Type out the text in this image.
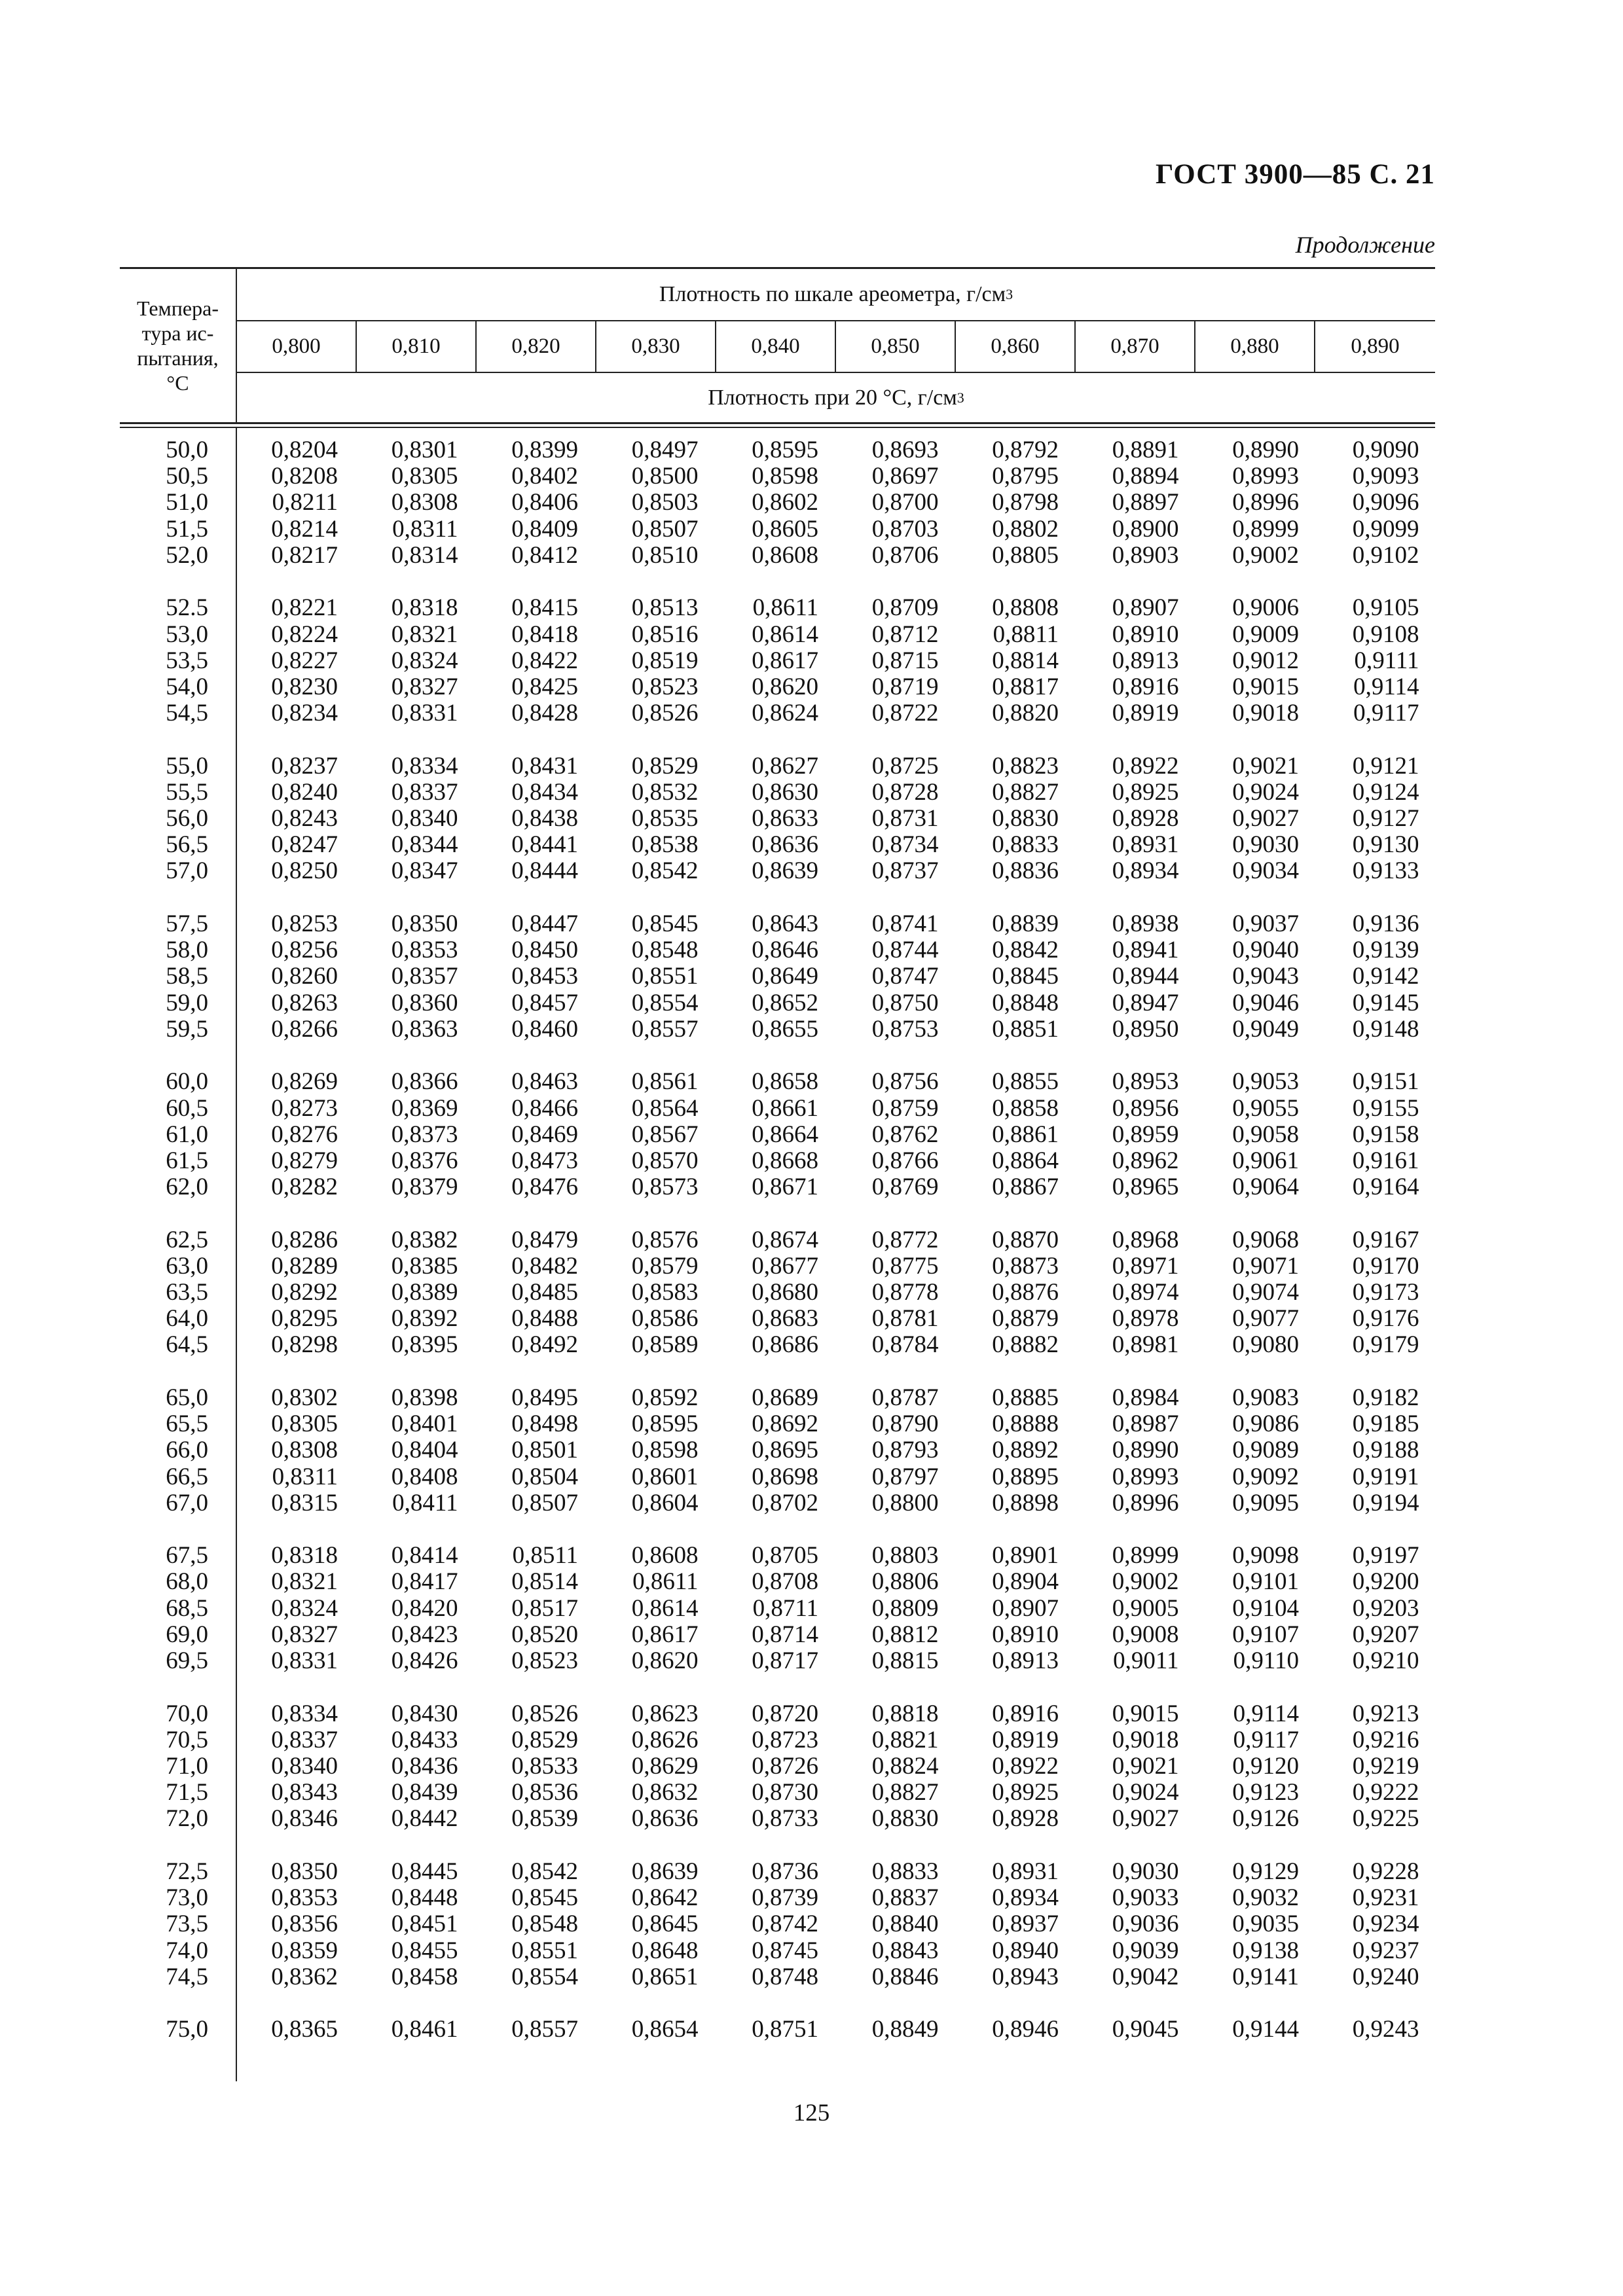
ГОСТ 3900—85 С. 21
Продолжение
Темпера-
тура ис-
пытания,
°С
Плотность по шкале ареометра, г/см 3
0,800	0,810	0,820	0,830	0,840	0,850	0,860	0,870	0,880	0,890
Плотность при 20 °С, г/см 3
50,0	0,8204	0,8301	0,8399	0,8497	0,8595	0,8693	0,8792	0,8891	0,8990	0,9090
50,5	0,8208	0,8305	0,8402	0,8500	0,8598	0,8697	0,8795	0,8894	0,8993	0,9093
51,0	0,8211	0,8308	0,8406	0,8503	0,8602	0,8700	0,8798	0,8897	0,8996	0,9096
51,5	0,8214	0,8311	0,8409	0,8507	0,8605	0,8703	0,8802	0,8900	0,8999	0,9099
52,0	0,8217	0,8314	0,8412	0,8510	0,8608	0,8706	0,8805	0,8903	0,9002	0,9102
52.5	0,8221	0,8318	0,8415	0,8513	0,8611	0,8709	0,8808	0,8907	0,9006	0,9105
53,0	0,8224	0,8321	0,8418	0,8516	0,8614	0,8712	0,8811	0,8910	0,9009	0,9108
53,5	0,8227	0,8324	0,8422	0,8519	0,8617	0,8715	0,8814	0,8913	0,9012	0,9111
54,0	0,8230	0,8327	0,8425	0,8523	0,8620	0,8719	0,8817	0,8916	0,9015	0,9114
54,5	0,8234	0,8331	0,8428	0,8526	0,8624	0,8722	0,8820	0,8919	0,9018	0,9117
55,0	0,8237	0,8334	0,8431	0,8529	0,8627	0,8725	0,8823	0,8922	0,9021	0,9121
55,5	0,8240	0,8337	0,8434	0,8532	0,8630	0,8728	0,8827	0,8925	0,9024	0,9124
56,0	0,8243	0,8340	0,8438	0,8535	0,8633	0,8731	0,8830	0,8928	0,9027	0,9127
56,5	0,8247	0,8344	0,8441	0,8538	0,8636	0,8734	0,8833	0,8931	0,9030	0,9130
57,0	0,8250	0,8347	0,8444	0,8542	0,8639	0,8737	0,8836	0,8934	0,9034	0,9133
57,5	0,8253	0,8350	0,8447	0,8545	0,8643	0,8741	0,8839	0,8938	0,9037	0,9136
58,0	0,8256	0,8353	0,8450	0,8548	0,8646	0,8744	0,8842	0,8941	0,9040	0,9139
58,5	0,8260	0,8357	0,8453	0,8551	0,8649	0,8747	0,8845	0,8944	0,9043	0,9142
59,0	0,8263	0,8360	0,8457	0,8554	0,8652	0,8750	0,8848	0,8947	0,9046	0,9145
59,5	0,8266	0,8363	0,8460	0,8557	0,8655	0,8753	0,8851	0,8950	0,9049	0,9148
60,0	0,8269	0,8366	0,8463	0,8561	0,8658	0,8756	0,8855	0,8953	0,9053	0,9151
60,5	0,8273	0,8369	0,8466	0,8564	0,8661	0,8759	0,8858	0,8956	0,9055	0,9155
61,0	0,8276	0,8373	0,8469	0,8567	0,8664	0,8762	0,8861	0,8959	0,9058	0,9158
61,5	0,8279	0,8376	0,8473	0,8570	0,8668	0,8766	0,8864	0,8962	0,9061	0,9161
62,0	0,8282	0,8379	0,8476	0,8573	0,8671	0,8769	0,8867	0,8965	0,9064	0,9164
62,5	0,8286	0,8382	0,8479	0,8576	0,8674	0,8772	0,8870	0,8968	0,9068	0,9167
63,0	0,8289	0,8385	0,8482	0,8579	0,8677	0,8775	0,8873	0,8971	0,9071	0,9170
63,5	0,8292	0,8389	0,8485	0,8583	0,8680	0,8778	0,8876	0,8974	0,9074	0,9173
64,0	0,8295	0,8392	0,8488	0,8586	0,8683	0,8781	0,8879	0,8978	0,9077	0,9176
64,5	0,8298	0,8395	0,8492	0,8589	0,8686	0,8784	0,8882	0,8981	0,9080	0,9179
65,0	0,8302	0,8398	0,8495	0,8592	0,8689	0,8787	0,8885	0,8984	0,9083	0,9182
65,5	0,8305	0,8401	0,8498	0,8595	0,8692	0,8790	0,8888	0,8987	0,9086	0,9185
66,0	0,8308	0,8404	0,8501	0,8598	0,8695	0,8793	0,8892	0,8990	0,9089	0,9188
66,5	0,8311	0,8408	0,8504	0,8601	0,8698	0,8797	0,8895	0,8993	0,9092	0,9191
67,0	0,8315	0,8411	0,8507	0,8604	0,8702	0,8800	0,8898	0,8996	0,9095	0,9194
67,5	0,8318	0,8414	0,8511	0,8608	0,8705	0,8803	0,8901	0,8999	0,9098	0,9197
68,0	0,8321	0,8417	0,8514	0,8611	0,8708	0,8806	0,8904	0,9002	0,9101	0,9200
68,5	0,8324	0,8420	0,8517	0,8614	0,8711	0,8809	0,8907	0,9005	0,9104	0,9203
69,0	0,8327	0,8423	0,8520	0,8617	0,8714	0,8812	0,8910	0,9008	0,9107	0,9207
69,5	0,8331	0,8426	0,8523	0,8620	0,8717	0,8815	0,8913	0,9011	0,9110	0,9210
70,0	0,8334	0,8430	0,8526	0,8623	0,8720	0,8818	0,8916	0,9015	0,9114	0,9213
70,5	0,8337	0,8433	0,8529	0,8626	0,8723	0,8821	0,8919	0,9018	0,9117	0,9216
71,0	0,8340	0,8436	0,8533	0,8629	0,8726	0,8824	0,8922	0,9021	0,9120	0,9219
71,5	0,8343	0,8439	0,8536	0,8632	0,8730	0,8827	0,8925	0,9024	0,9123	0,9222
72,0	0,8346	0,8442	0,8539	0,8636	0,8733	0,8830	0,8928	0,9027	0,9126	0,9225
72,5	0,8350	0,8445	0,8542	0,8639	0,8736	0,8833	0,8931	0,9030	0,9129	0,9228
73,0	0,8353	0,8448	0,8545	0,8642	0,8739	0,8837	0,8934	0,9033	0,9032	0,9231
73,5	0,8356	0,8451	0,8548	0,8645	0,8742	0,8840	0,8937	0,9036	0,9035	0,9234
74,0	0,8359	0,8455	0,8551	0,8648	0,8745	0,8843	0,8940	0,9039	0,9138	0,9237
74,5	0,8362	0,8458	0,8554	0,8651	0,8748	0,8846	0,8943	0,9042	0,9141	0,9240
75,0	0,8365	0,8461	0,8557	0,8654	0,8751	0,8849	0,8946	0,9045	0,9144	0,9243
125
